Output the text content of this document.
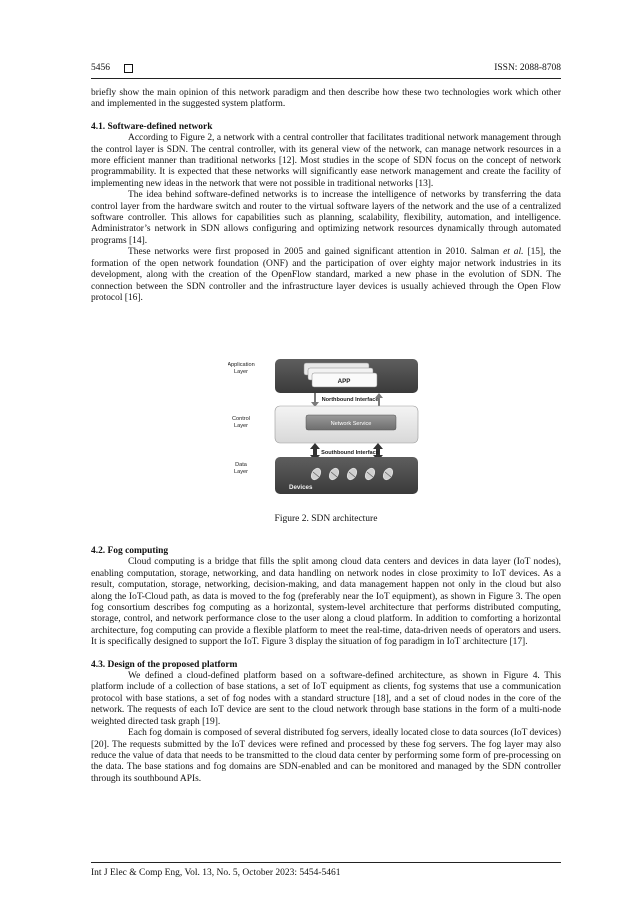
5456	ISSN: 2088-8708

briefly show the main opinion of this network paradigm and then describe how these two technologies work which other and implemented in the suggested system platform.

4.1. Software-defined network

According to Figure 2, a network with a central controller that facilitates traditional network management through the control layer is SDN. The central controller, with its general view of the network, can manage network resources in a more efficient manner than traditional networks [12]. Most studies in the scope of SDN focus on the concept of network programmability. It is expected that these networks will significantly ease network management and create the facility of implementing new ideas in the network that were not possible in traditional networks [13].

The idea behind software-defined networks is to increase the intelligence of networks by transferring the data control layer from the hardware switch and router to the virtual software layers of the network and the use of a centralized software controller. This allows for capabilities such as planning, scalability, flexibility, automation, and intelligence. Administrator’s network in SDN allows configuring and optimizing network resources dynamically through automated programs [14].

These networks were first proposed in 2005 and gained significant attention in 2010. Salman et al. [15], the formation of the open network foundation (ONF) and the participation of over eighty major network industries in its development, along with the creation of the OpenFlow standard, marked a new phase in the evolution of SDN. The connection between the SDN controller and the infrastructure layer devices is usually achieved through the Open Flow protocol [16].

Application Layer
Control Layer
Data Layer
APP
Northbound Interface
Network Service
Southbound Interface
Devices
Figure 2. SDN architecture

4.2. Fog computing

Cloud computing is a bridge that fills the split among cloud data centers and devices in data layer (IoT nodes), enabling computation, storage, networking, and data handling on network nodes in close proximity to IoT devices. As a result, computation, storage, networking, decision-making, and data management happen not only in the cloud but also along the IoT-Cloud path, as data is moved to the fog (preferably near the IoT equipment), as shown in Figure 3. The open fog consortium describes fog computing as a horizontal, system-level architecture that performs distributed computing, storage, control, and network performance close to the user along a cloud platform. In addition to comforting a horizontal architecture, fog computing can provide a flexible platform to meet the real-time, data-driven needs of operators and users. It is specifically designed to support the IoT. Figure 3 display the situation of fog paradigm in IoT architecture [17].

4.3. Design of the proposed platform

We defined a cloud-defined platform based on a software-defined architecture, as shown in Figure 4. This platform include of a collection of base stations, a set of IoT equipment as clients, fog systems that use a communication protocol with base stations, a set of fog nodes with a standard structure [18], and a set of cloud nodes in the core of the network. The requests of each IoT device are sent to the cloud network through base stations in the form of a multi-node weighted directed task graph [19].

Each fog domain is composed of several distributed fog servers, ideally located close to data sources (IoT devices) [20]. The requests submitted by the IoT devices were refined and processed by these fog servers. The fog layer may also reduce the value of data that needs to be transmitted to the cloud data center by performing some form of pre-processing on the data. The base stations and fog domains are SDN-enabled and can be monitored and managed by the SDN controller through its southbound APIs.

Int J Elec & Comp Eng, Vol. 13, No. 5, October 2023: 5454-5461
